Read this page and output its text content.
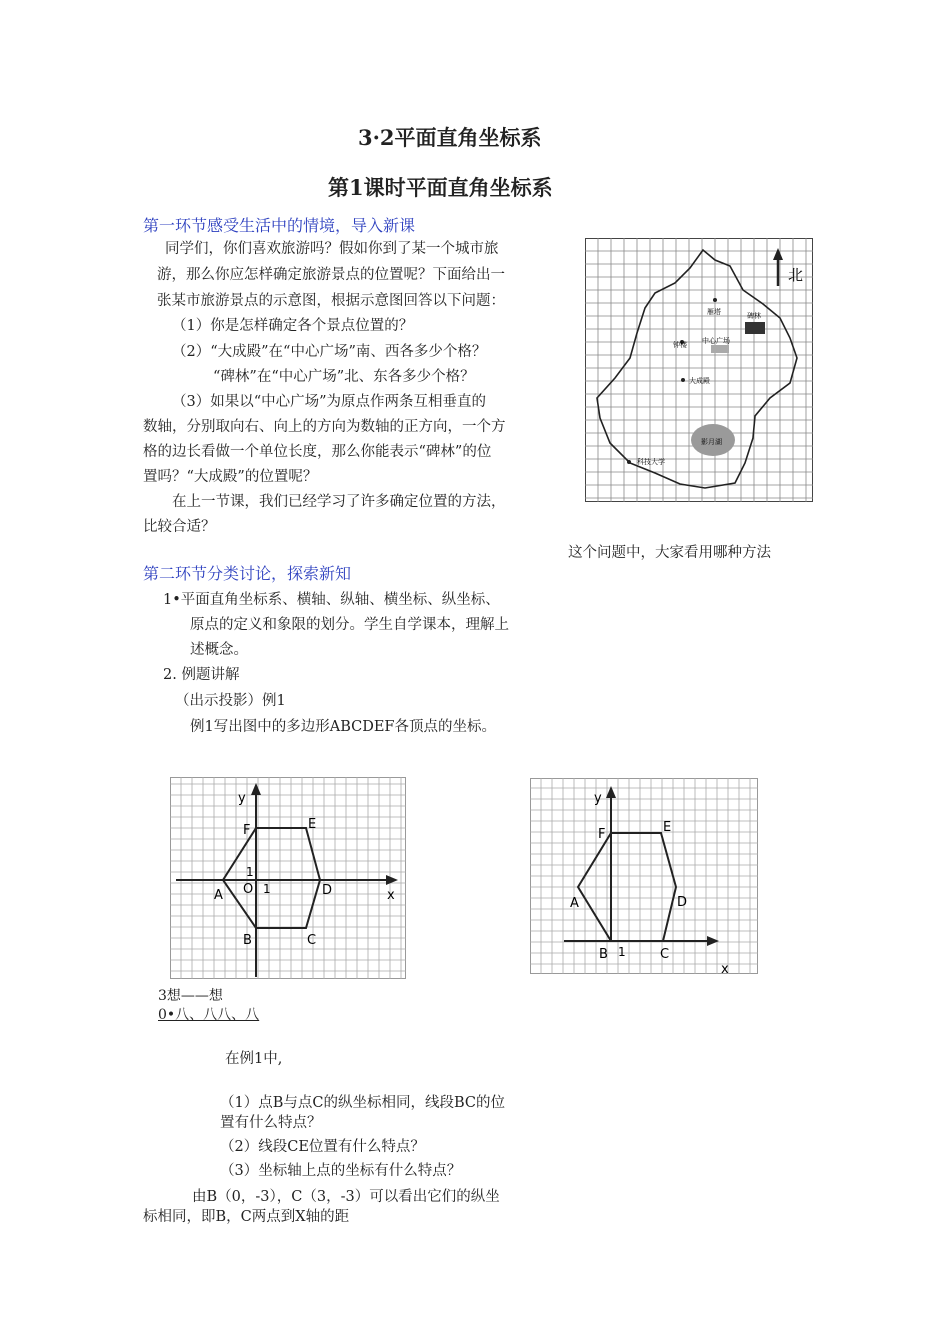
3·2平面直角坐标系
第1课时平面直角坐标系
第一环节感受生活中的情境，导入新课
同学们，你们喜欢旅游吗？假如你到了某一个城市旅
游，那么你应怎样确定旅游景点的位置呢？下面给出一
张某市旅游景点的示意图，根据示意图回答以下问题：
（1）你是怎样确定各个景点位置的？
（2）“大成殿”在“中心广场”南、西各多少个格？
“碑林”在“中心广场”北、东各多少个格？
（3）如果以“中心广场”为原点作两条互相垂直的
数轴，分别取向右、向上的方向为数轴的正方向，一个方
格的边长看做一个单位长度，那么你能表示“碑林”的位
置吗？“大成殿”的位置呢？
在上一节课，我们已经学习了许多确定位置的方法，
比较合适？
这个问题中，大家看用哪种方法
北
碑林
雁塔
钟楼 中心广场
大成殿
影月湖
科技大学
第二环节分类讨论，探索新知
1•平面直角坐标系、横轴、纵轴、横坐标、纵坐标、
原点的定义和象限的划分。学生自学课本，理解上
述概念。
2. 例题讲解
（出示投影）例1
例1写出图中的多边形ABCDEF各顶点的坐标。
y
x
O 1
1
A
B	C
D
E
F
y
x
1
A
B	C
D
E
F
3想——想
0•八、八八、八
在例1中,
（1）点B与点C的纵坐标相同，线段BC的位
置有什么特点？
（2）线段CE位置有什么特点？
（3）坐标轴上点的坐标有什么特点？
由B（0，-3），C（3，-3）可以看出它们的纵坐
标相同，即B，C两点到X轴的距
